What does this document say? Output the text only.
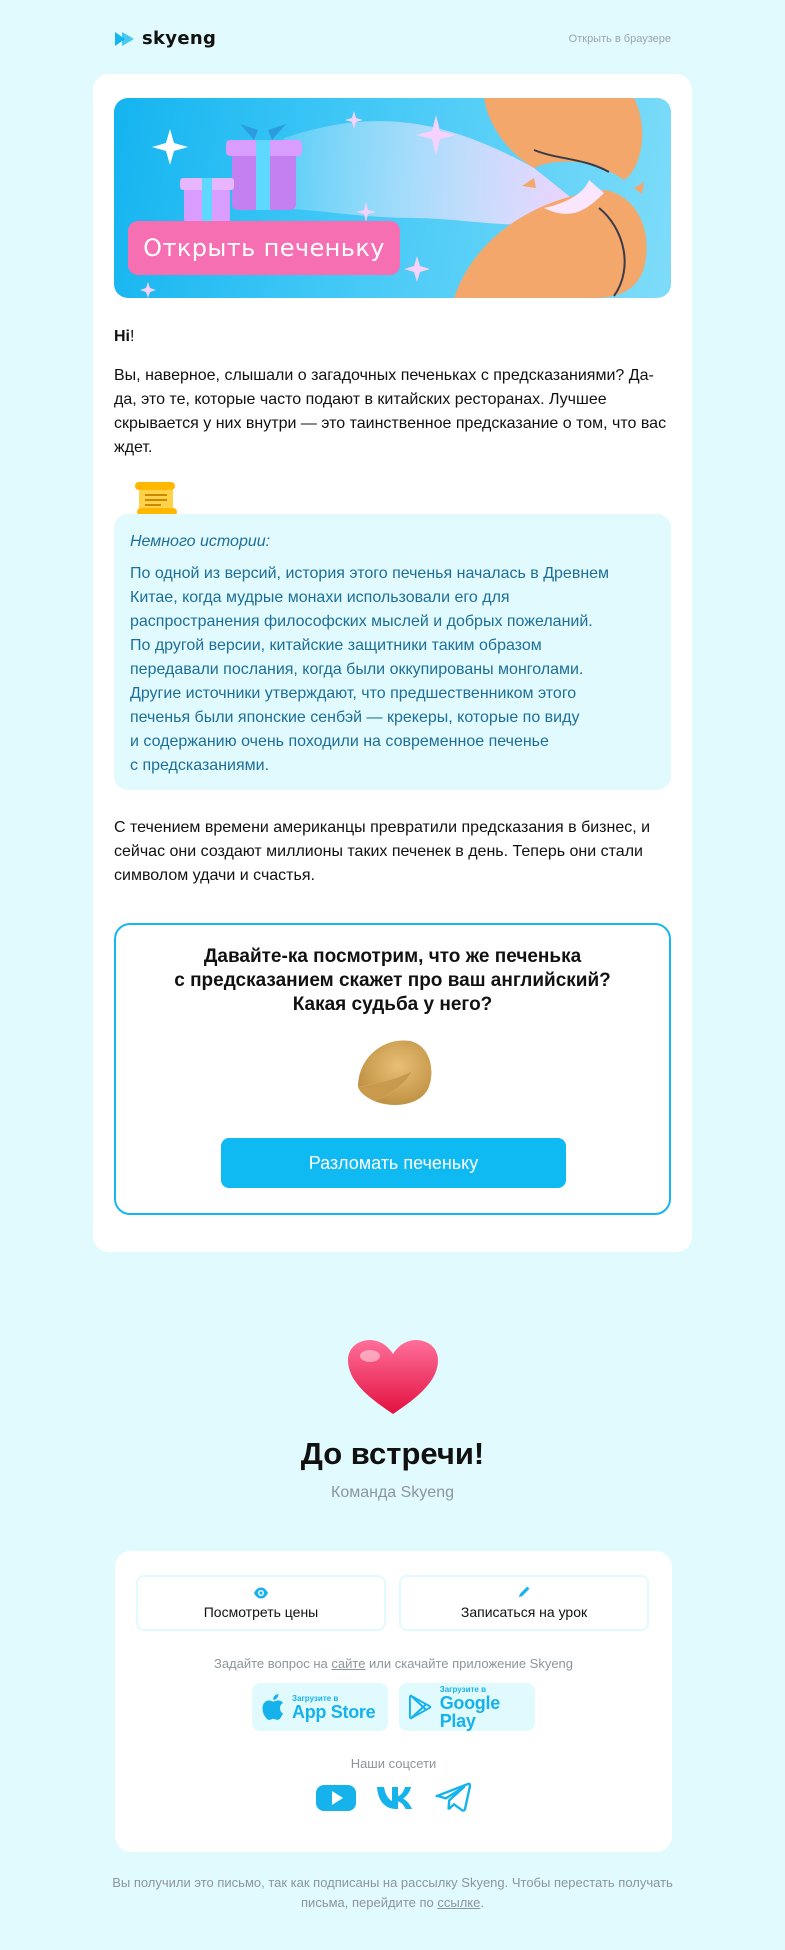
skyeng	Открыть в браузере
Открыть печеньку
Hi!

Вы, наверное, слышали о загадочных печеньках с предсказаниями? Да-да, это те, которые часто подают в китайских ресторанах. Лучшее скрывается у них внутри — это таинственное предсказание о том, что вас ждет.

Немного истории:
По одной из версий, история этого печенья началась в Древнем
Китае, когда мудрые монахи использовали его для
распространения философских мыслей и добрых пожеланий.
По другой версии, китайские защитники таким образом
передавали послания, когда были оккупированы монголами.
Другие источники утверждают, что предшественником этого
печенья были японские сенбэй — крекеры, которые по виду
и содержанию очень походили на современное печенье
с предсказаниями.

С течением времени американцы превратили предсказания в бизнес, и сейчас они создают миллионы таких печенек в день. Теперь они стали символом удачи и счастья.

Давайте-ка посмотрим, что же печенька
с предсказанием скажет про ваш английский?
Какая судьба у него?
Разломать печеньку
До встречи!
Команда Skyeng
Посмотреть цены	Записаться на урок
Задайте вопрос на сайте или скачайте приложение Skyeng
Загрузите в
App Store
Загрузите в
Google Play
Наши соцсети
Вы получили это письмо, так как подписаны на рассылку Skyeng. Чтобы перестать получать письма, перейдите по ссылке.
